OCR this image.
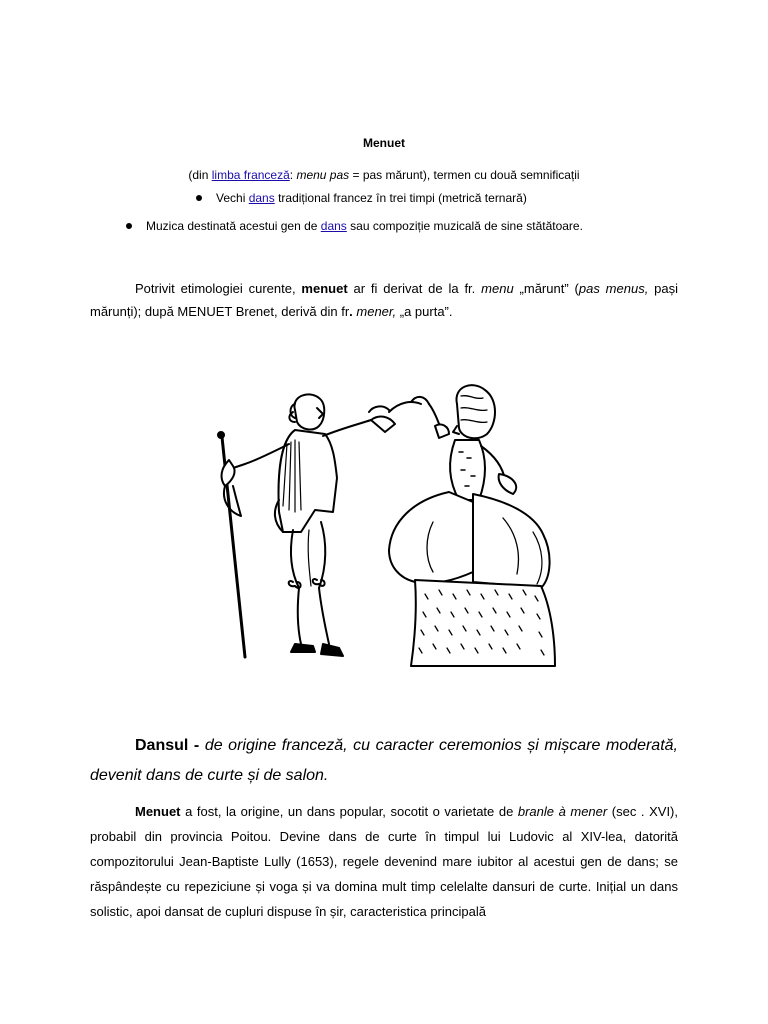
Menuet
(din limba franceză: menu pas = pas mărunt), termen cu două semnificații
Vechi dans tradițional francez în trei timpi (metrică ternară)
Muzica destinată acestui gen de dans sau compoziție muzicală de sine stătătoare.
Potrivit etimologiei curente, menuet ar fi derivat de la fr. menu „mărunt” (pas menus, pași mărunți); după MENUET Brenet, derivă din fr. mener, „a purta”.
Dansul - de origine franceză, cu caracter ceremonios și mișcare moderată, devenit dans de curte și de salon.
Menuet a fost, la origine, un dans popular, socotit o varietate de branle à mener (sec . XVI), probabil din provincia Poitou. Devine dans de curte în timpul lui Ludovic al XIV-lea, datorită compozitorului Jean-Baptiste Lully (1653), regele devenind mare iubitor al acestui gen de dans; se răspândește cu repeziciune și voga și va domina mult timp celelalte dansuri de curte. Inițial un dans solistic, apoi dansat de cupluri dispuse în șir, caracteristica principală
